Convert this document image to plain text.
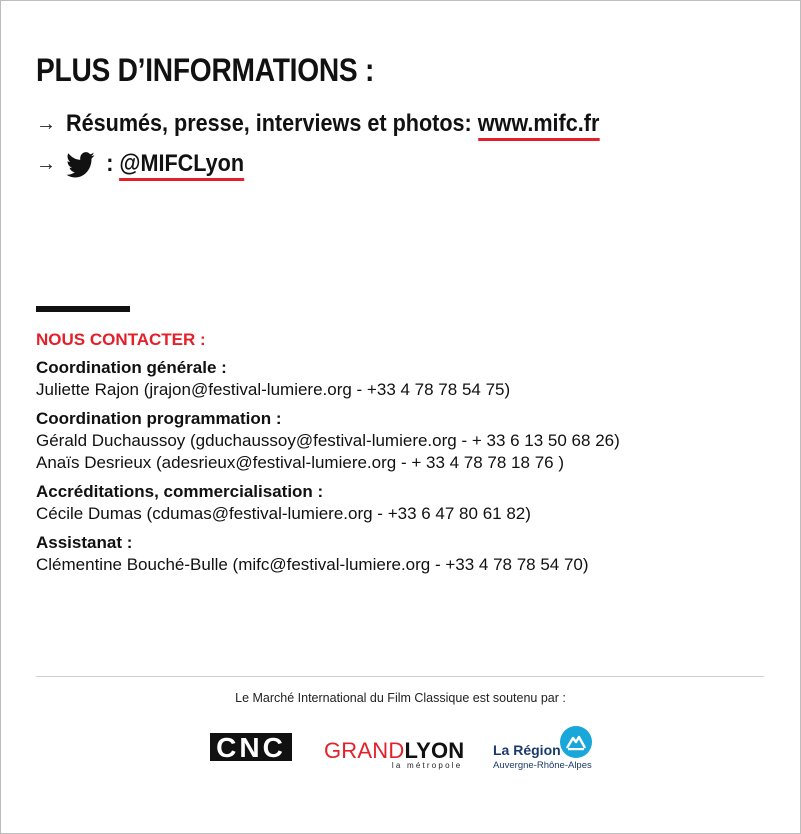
PLUS D’INFORMATIONS :
→ Résumés, presse, interviews et photos: www.mifc.fr
→	: @MIFCLyon
NOUS CONTACTER :
Coordination générale :
Juliette Rajon (jrajon@festival-lumiere.org - +33 4 78 78 54 75)
Coordination programmation :
Gérald Duchaussoy (gduchaussoy@festival-lumiere.org - + 33 6 13 50 68 26)
Anaïs Desrieux (adesrieux@festival-lumiere.org - + 33 4 78 78 18 76 )
Accréditations, commercialisation :
Cécile Dumas (cdumas@festival-lumiere.org - +33 6 47 80 61 82)
Assistanat :
Clémentine Bouché-Bulle (mifc@festival-lumiere.org - +33 4 78 78 54 70)
Le Marché International du Film Classique est soutenu par :
CNC GRANDLYON
la métropole
La Région
Auvergne-Rhône-Alpes
